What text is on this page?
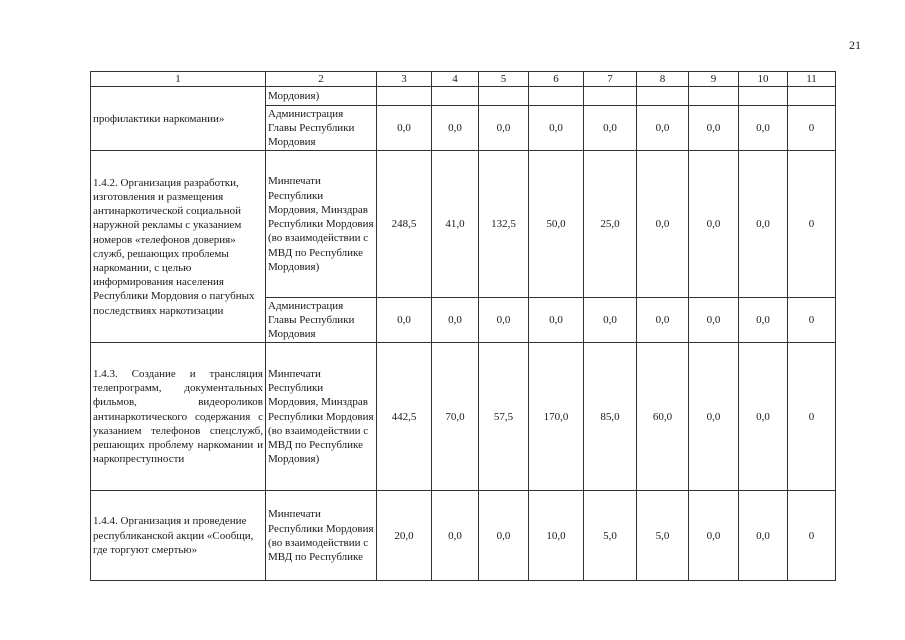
21
1	2	3	4	5	6	7	8	9	10	11
профилактики наркомании»	Мордовия)									
	Администрация Главы Республики Мордовия	0,0	0,0	0,0	0,0	0,0	0,0	0,0	0,0	0
1.4.2. Организация разработки, изготовления и размещения антинаркотической социальной наружной рекламы с указанием номеров «телефонов доверия» служб, решающих проблемы наркомании, с целью информирования населения Республики Мордовия о пагубных последствиях наркотизации	Минпечати Республики Мордовия, Минздрав Республики Мордовия (во взаимодействии с МВД по Республике Мордовия)	248,5	41,0	132,5	50,0	25,0	0,0	0,0	0,0	0
	Администрация Главы Республики Мордовия	0,0	0,0	0,0	0,0	0,0	0,0	0,0	0,0	0
1.4.3. Создание и трансляция телепрограмм, документальных фильмов, видеороликов антинаркотического содержания с указанием телефонов спецслужб, решающих проблему наркомании и наркопреступности	Минпечати Республики Мордовия, Минздрав Республики Мордовия (во взаимодействии с МВД по Республике Мордовия)	442,5	70,0	57,5	170,0	85,0	60,0	0,0	0,0	0
1.4.4. Организация и проведение республиканской акции «Сообщи, где торгуют смертью»	Минпечати Республики Мордовия (во взаимодействии с МВД по Республике	20,0	0,0	0,0	10,0	5,0	5,0	0,0	0,0	0
